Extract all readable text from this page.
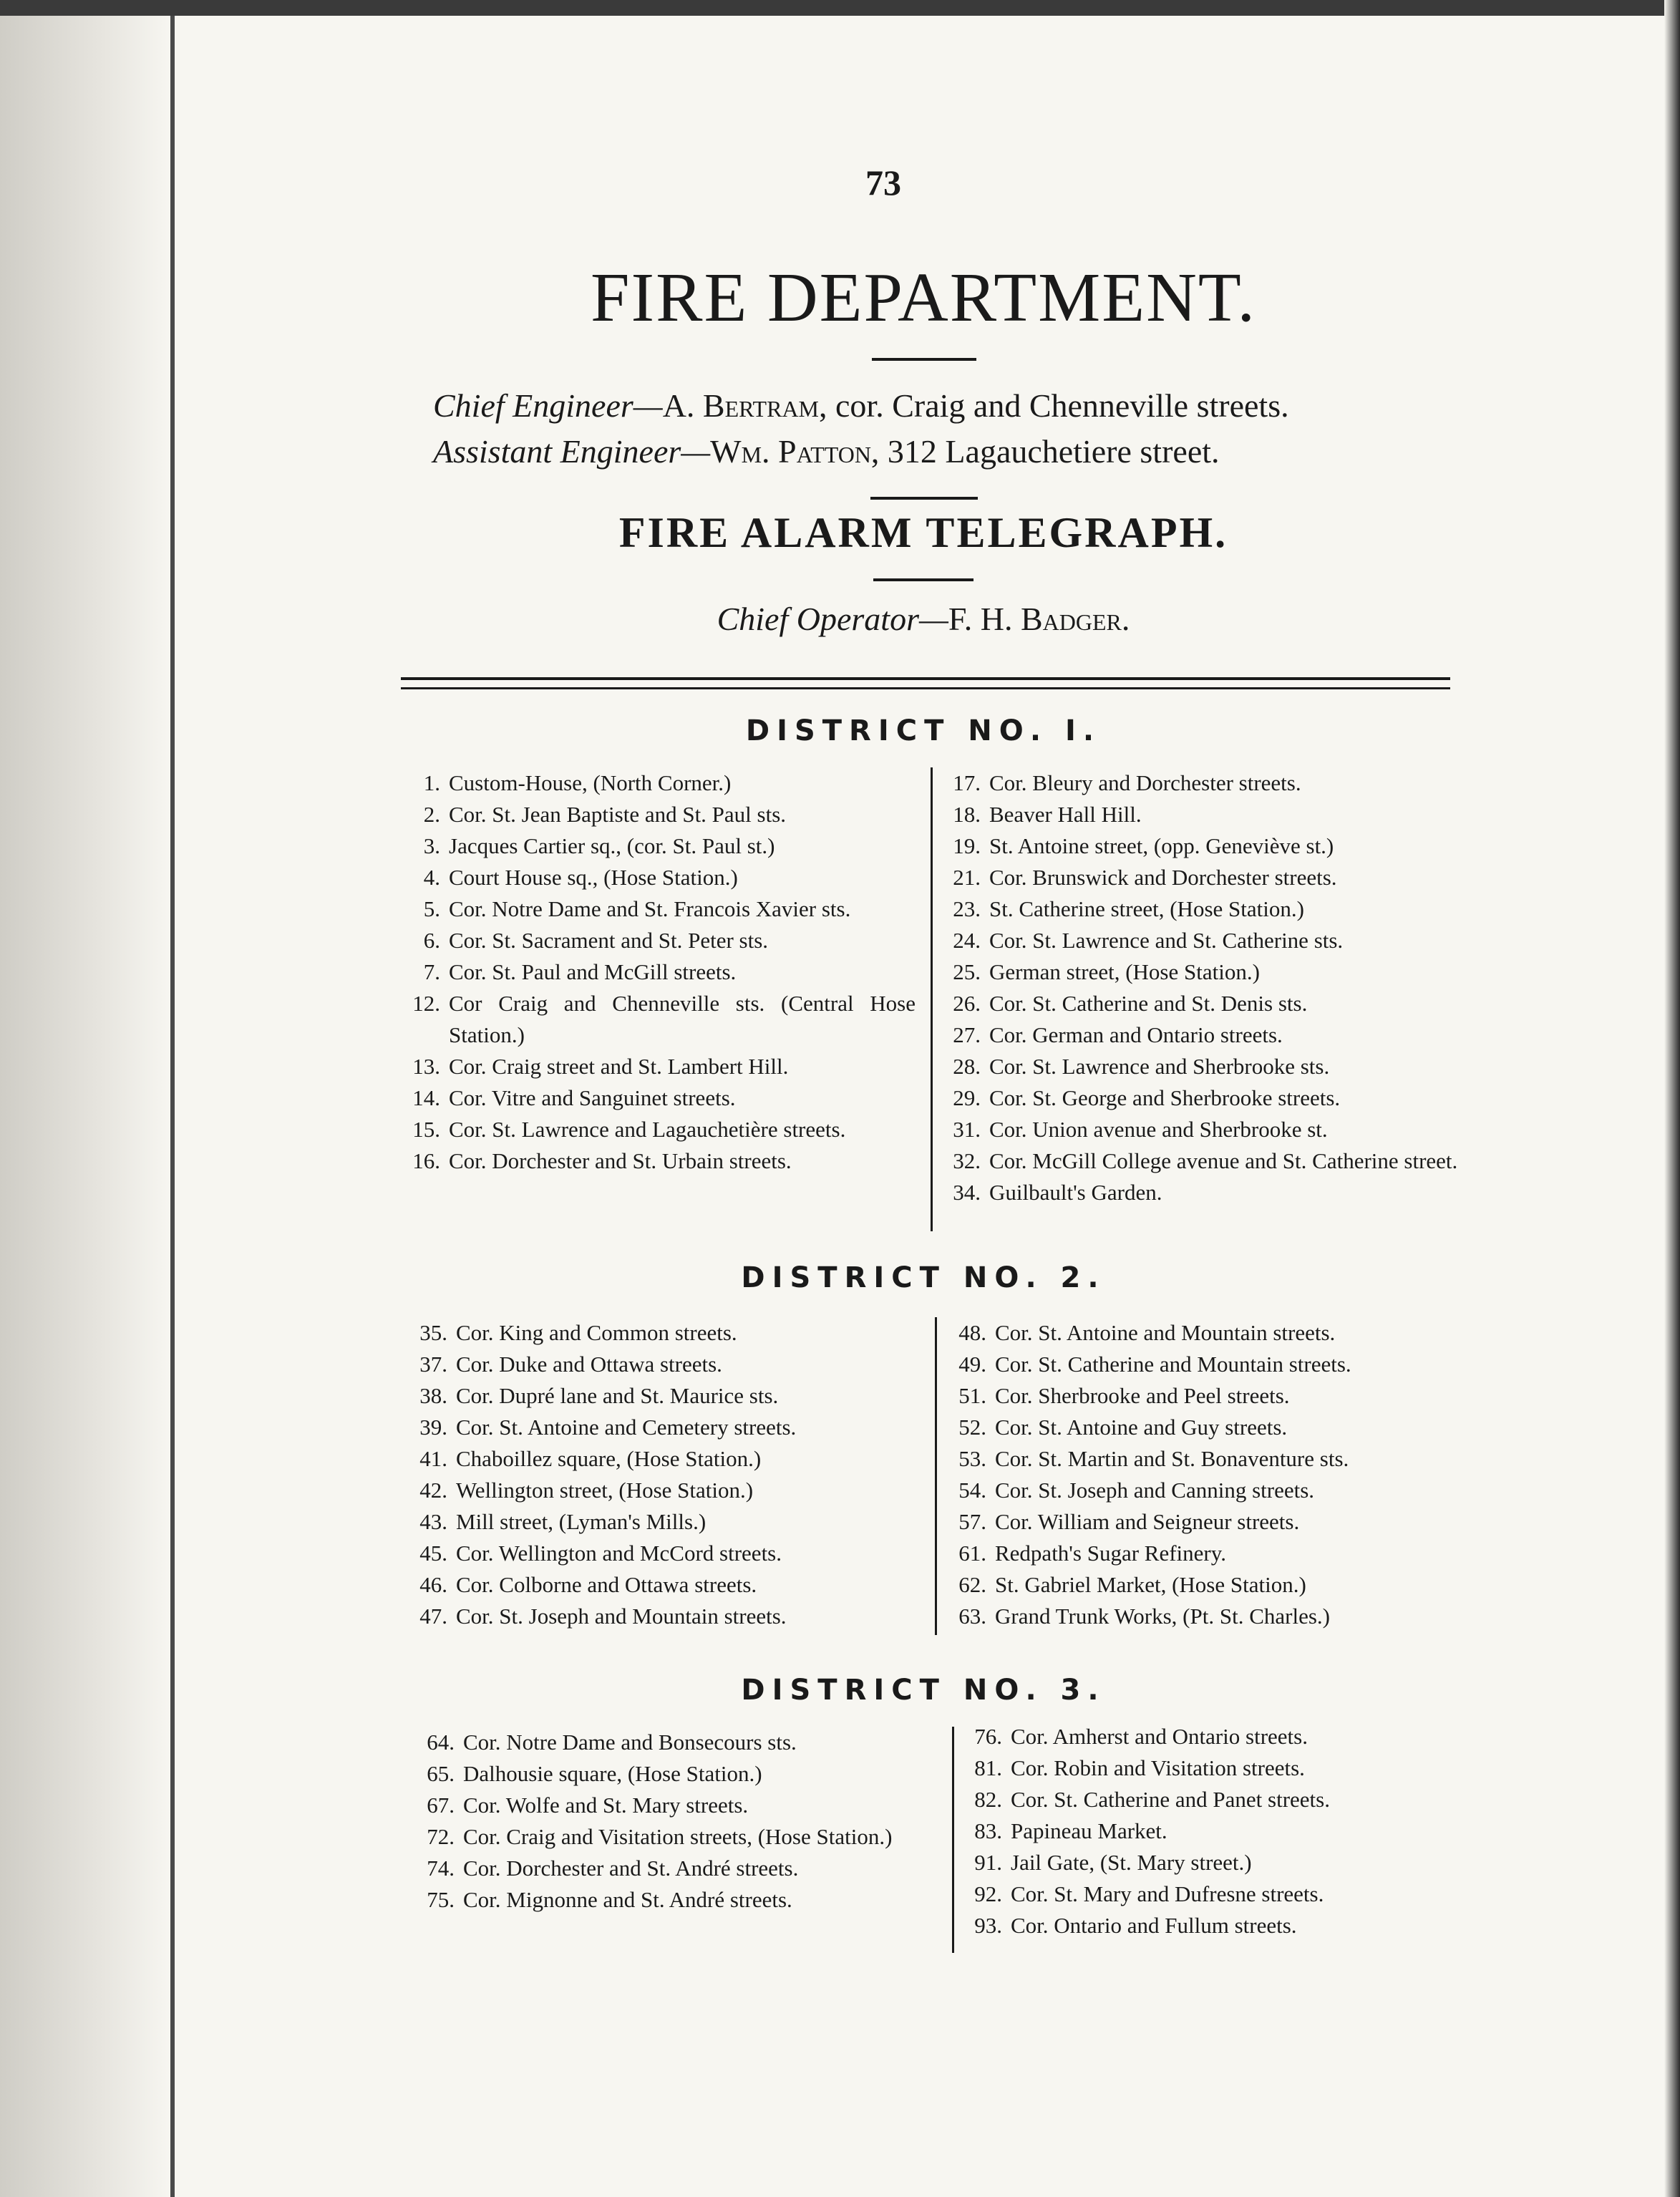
73
FIRE DEPARTMENT.
Chief Engineer—A. Bertram, cor. Craig and Chenneville streets.
Assistant Engineer—Wm. Patton, 312 Lagauchetiere street.
FIRE ALARM TELEGRAPH.
Chief Operator—F. H. Badger.
DISTRICT NO. I.
1. Custom-House, (North Corner.)
2. Cor. St. Jean Baptiste and St. Paul sts.
3. Jacques Cartier sq., (cor. St. Paul st.)
4. Court House sq., (Hose Station.)
5. Cor. Notre Dame and St. Francois Xavier sts.
6. Cor. St. Sacrament and St. Peter sts.
7. Cor. St. Paul and McGill streets.
12. Cor Craig and Chenneville sts. (Central Hose Station.)
13. Cor. Craig street and St. Lambert Hill.
14. Cor. Vitre and Sanguinet streets.
15. Cor. St. Lawrence and Lagauchetière streets.
16. Cor. Dorchester and St. Urbain streets.
17. Cor. Bleury and Dorchester streets.
18. Beaver Hall Hill.
19. St. Antoine street, (opp. Geneviève st.)
21. Cor. Brunswick and Dorchester streets.
23. St. Catherine street, (Hose Station.)
24. Cor. St. Lawrence and St. Catherine sts.
25. German street, (Hose Station.)
26. Cor. St. Catherine and St. Denis sts.
27. Cor. German and Ontario streets.
28. Cor. St. Lawrence and Sherbrooke sts.
29. Cor. St. George and Sherbrooke streets.
31. Cor. Union avenue and Sherbrooke st.
32. Cor. McGill College avenue and St. Catherine street.
34. Guilbault's Garden.
DISTRICT NO. 2.
35. Cor. King and Common streets.
37. Cor. Duke and Ottawa streets.
38. Cor. Dupré lane and St. Maurice sts.
39. Cor. St. Antoine and Cemetery streets.
41. Chaboillez square, (Hose Station.)
42. Wellington street, (Hose Station.)
43. Mill street, (Lyman's Mills.)
45. Cor. Wellington and McCord streets.
46. Cor. Colborne and Ottawa streets.
47. Cor. St. Joseph and Mountain streets.
48. Cor. St. Antoine and Mountain streets.
49. Cor. St. Catherine and Mountain streets.
51. Cor. Sherbrooke and Peel streets.
52. Cor. St. Antoine and Guy streets.
53. Cor. St. Martin and St. Bonaventure sts.
54. Cor. St. Joseph and Canning streets.
57. Cor. William and Seigneur streets.
61. Redpath's Sugar Refinery.
62. St. Gabriel Market, (Hose Station.)
63. Grand Trunk Works, (Pt. St. Charles.)
DISTRICT NO. 3.
64. Cor. Notre Dame and Bonsecours sts.
65. Dalhousie square, (Hose Station.)
67. Cor. Wolfe and St. Mary streets.
72. Cor. Craig and Visitation streets, (Hose Station.)
74. Cor. Dorchester and St. André streets.
75. Cor. Mignonne and St. André streets.
76. Cor. Amherst and Ontario streets.
81. Cor. Robin and Visitation streets.
82. Cor. St. Catherine and Panet streets.
83. Papineau Market.
91. Jail Gate, (St. Mary street.)
92. Cor. St. Mary and Dufresne streets.
93. Cor. Ontario and Fullum streets.
